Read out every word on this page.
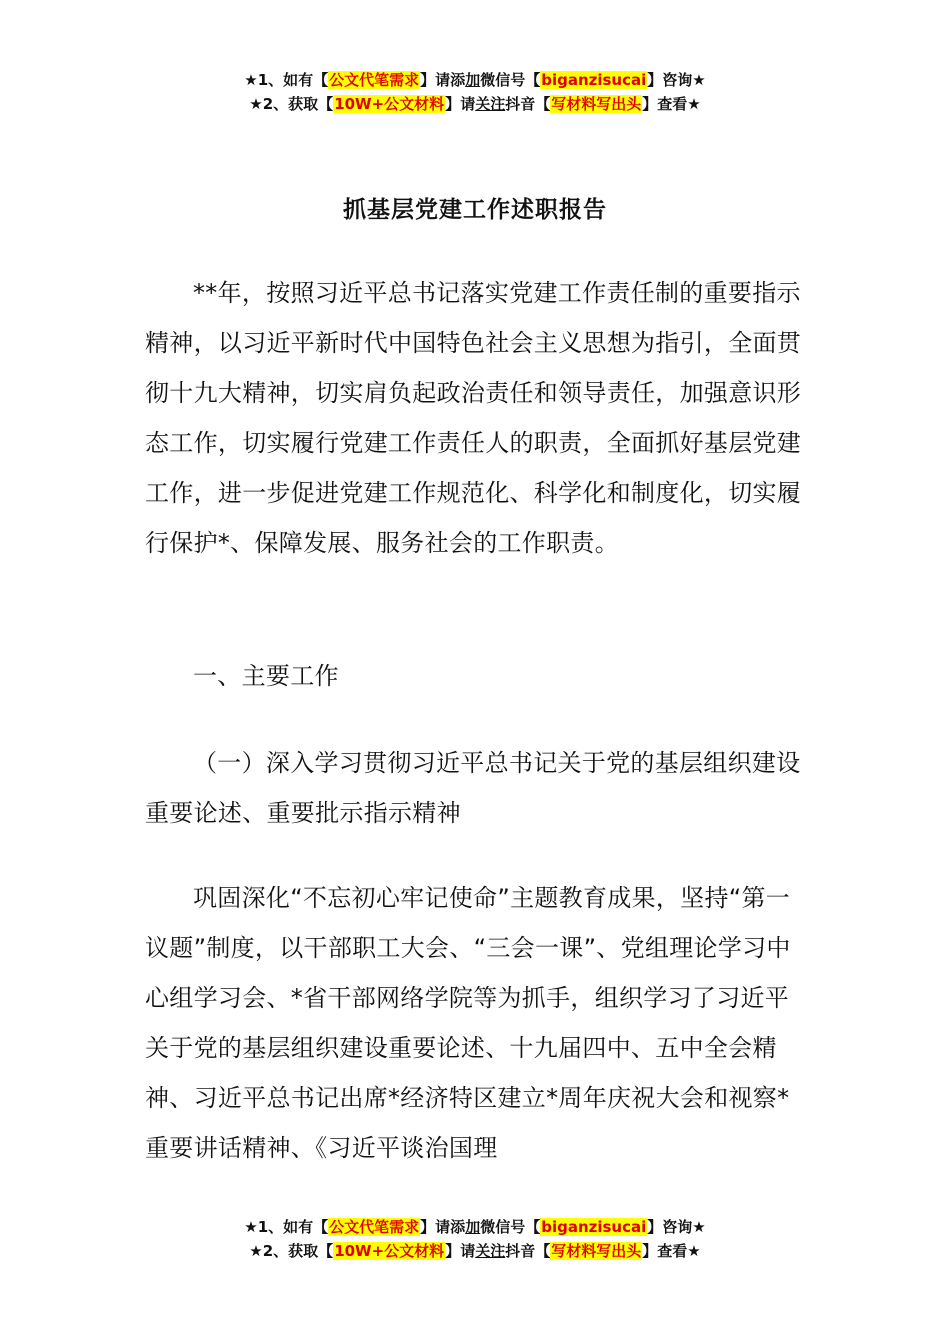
★1、如有【公文代笔需求】请添加微信号【biganzisucai】咨询★
★2、获取【10W+公文材料】请关注抖音【写材料写出头】查看★
抓基层党建工作述职报告

**年，按照习近平总书记落实党建工作责任制的重要指示精神，以习近平新时代中国特色社会主义思想为指引，全面贯彻十九大精神，切实肩负起政治责任和领导责任，加强意识形态工作，切实履行党建工作责任人的职责，全面抓好基层党建工作，进一步促进党建工作规范化、科学化和制度化，切实履行保护*、保障发展、服务社会的工作职责。

一、主要工作

（一）深入学习贯彻习近平总书记关于党的基层组织建设重要论述、重要批示指示精神

巩固深化“不忘初心牢记使命”主题教育成果，坚持“第一议题”制度，以干部职工大会、“三会一课”、党组理论学习中心组学习会、*省干部网络学院等为抓手，组织学习了习近平关于党的基层组织建设重要论述、十九届四中、五中全会精神、习近平总书记出席*经济特区建立*周年庆祝大会和视察*重要讲话精神、《习近平谈治国理

★1、如有【公文代笔需求】请添加微信号【biganzisucai】咨询★
★2、获取【10W+公文材料】请关注抖音【写材料写出头】查看★
